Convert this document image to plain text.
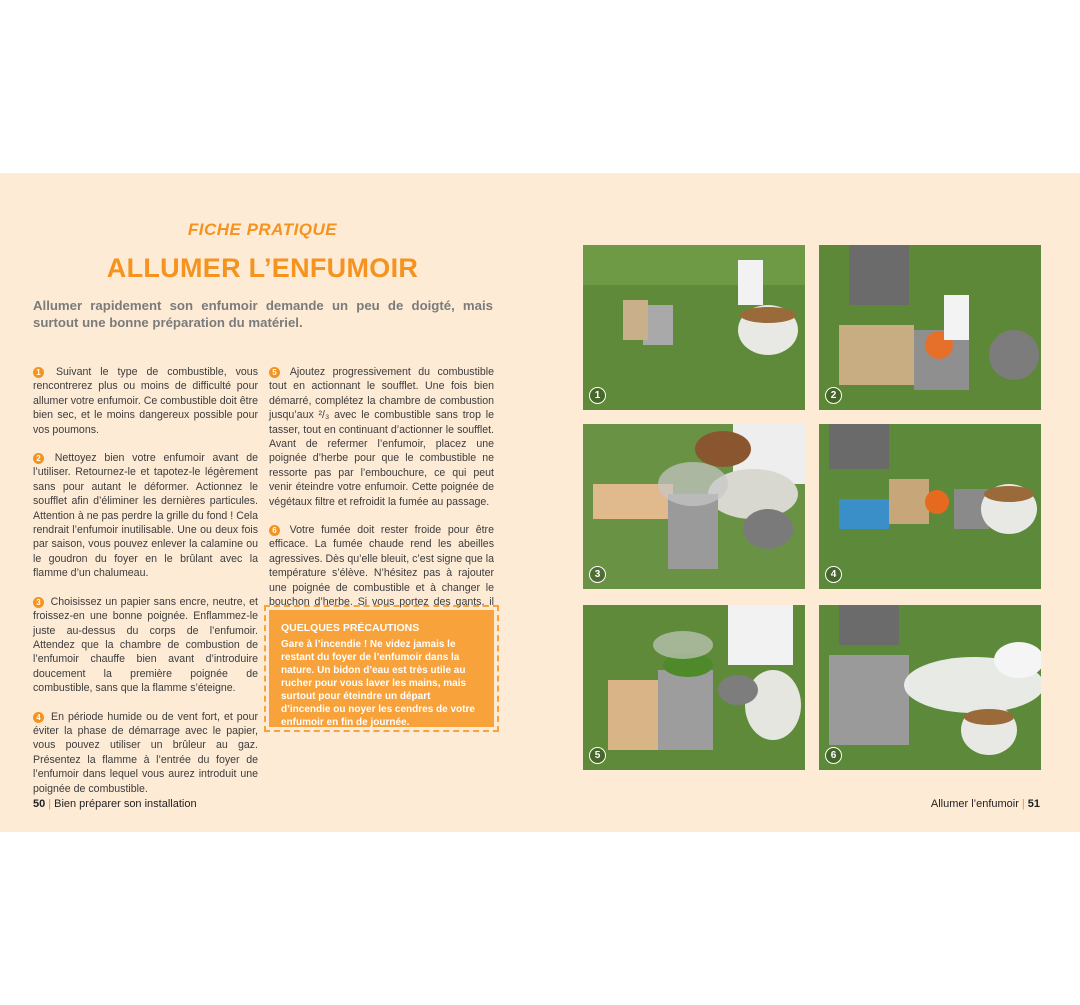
FICHE PRATIQUE
ALLUMER L’ENFUMOIR
Allumer rapidement son enfumoir demande un peu de doigté, mais surtout une bonne préparation du matériel.

1 Suivant le type de combustible, vous rencontrerez plus ou moins de difficulté pour allumer votre enfumoir. Ce combustible doit être bien sec, et le moins dangereux possible pour vos poumons.

2 Nettoyez bien votre enfumoir avant de l’utiliser. Retournez-le et tapotez-le légèrement sans pour autant le déformer. Actionnez le soufflet afin d’éliminer les dernières particules. Attention à ne pas perdre la grille du fond ! Cela rendrait l’enfumoir inutilisable. Une ou deux fois par saison, vous pouvez enlever la calamine ou le goudron du foyer en le brûlant avec la flamme d’un chalumeau.

3 Choisissez un papier sans encre, neutre, et froissez-en une bonne poignée. Enflammez-le juste au-dessus du corps de l’enfumoir. Attendez que la chambre de combustion de l’enfumoir chauffe bien avant d’introduire doucement la première poignée de combustible, sans que la flamme s’éteigne.

4 En période humide ou de vent fort, et pour éviter la phase de démarrage avec le papier, vous pouvez utiliser un brûleur au gaz. Présentez la flamme à l’entrée du foyer de l’enfumoir dans lequel vous aurez introduit une poignée de combustible.

5 Ajoutez progressivement du combustible tout en actionnant le soufflet. Une fois bien démarré, complétez la chambre de combustion jusqu’aux ²/₃ avec le combustible sans trop le tasser, tout en continuant d’actionner le soufflet. Avant de refermer l’enfumoir, placez une poignée d’herbe pour que le combustible ne ressorte pas par l’embouchure, ce qui peut venir éteindre votre enfumoir. Cette poignée de végétaux filtre et refroidit la fumée au passage.

6 Votre fumée doit rester froide pour être efficace. La fumée chaude rend les abeilles agressives. Dès qu’elle bleuit, c’est signe que la température s’élève. N’hésitez pas à rajouter une poignée de combustible et à changer le bouchon d’herbe. Si vous portez des gants, il

QUELQUES PRÉCAUTIONS
Gare à l’incendie ! Ne videz jamais le restant du foyer de l’enfumoir dans la nature. Un bidon d’eau est très utile au rucher pour vous laver les mains, mais surtout pour éteindre un départ d’incendie ou noyer les cendres de votre enfumoir en fin de journée.
1	2
3	4
5	6
50 | Bien préparer son installation	Allumer l’enfumoir | 51
